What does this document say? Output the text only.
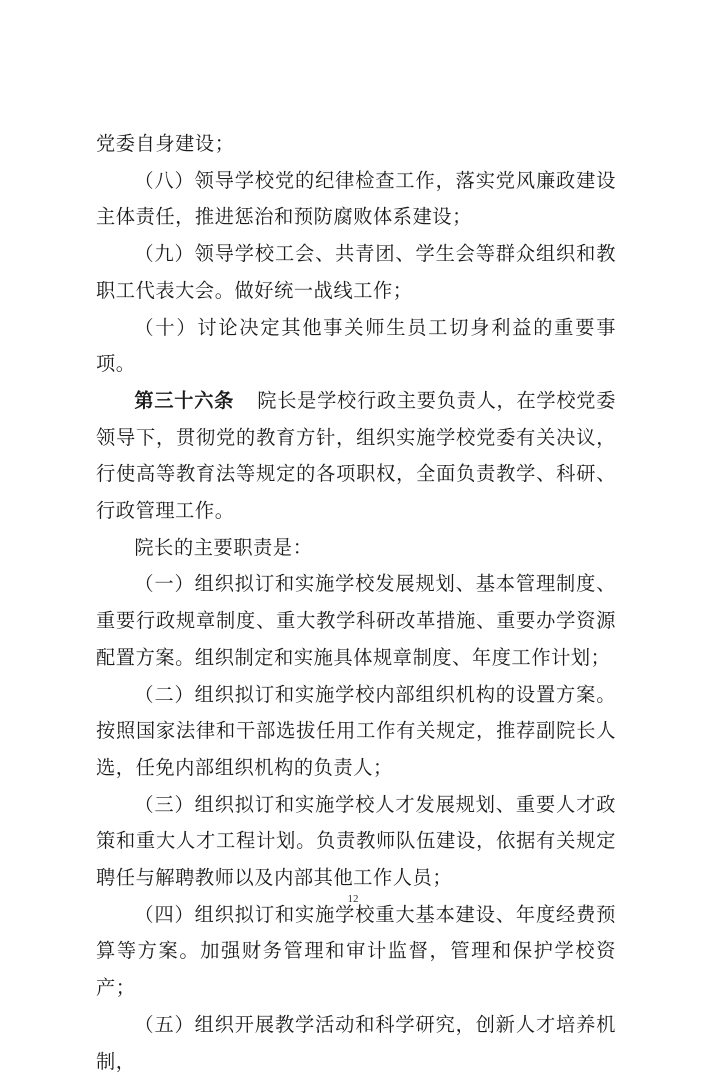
党委自身建设；

（八）领导学校党的纪律检查工作，落实党风廉政建设主体责任，推进惩治和预防腐败体系建设；

（九）领导学校工会、共青团、学生会等群众组织和教职工代表大会。做好统一战线工作；

（十）讨论决定其他事关师生员工切身利益的重要事项。

第三十六条 院长是学校行政主要负责人，在学校党委领导下，贯彻党的教育方针，组织实施学校党委有关决议，行使高等教育法等规定的各项职权，全面负责教学、科研、行政管理工作。

院长的主要职责是：

（一）组织拟订和实施学校发展规划、基本管理制度、重要行政规章制度、重大教学科研改革措施、重要办学资源配置方案。组织制定和实施具体规章制度、年度工作计划；

（二）组织拟订和实施学校内部组织机构的设置方案。按照国家法律和干部选拔任用工作有关规定，推荐副院长人选，任免内部组织机构的负责人；

（三）组织拟订和实施学校人才发展规划、重要人才政策和重大人才工程计划。负责教师队伍建设，依据有关规定聘任与解聘教师以及内部其他工作人员；

（四）组织拟订和实施学校重大基本建设、年度经费预算等方案。加强财务管理和审计监督，管理和保护学校资产；

（五）组织开展教学活动和科学研究，创新人才培养机制，

12
